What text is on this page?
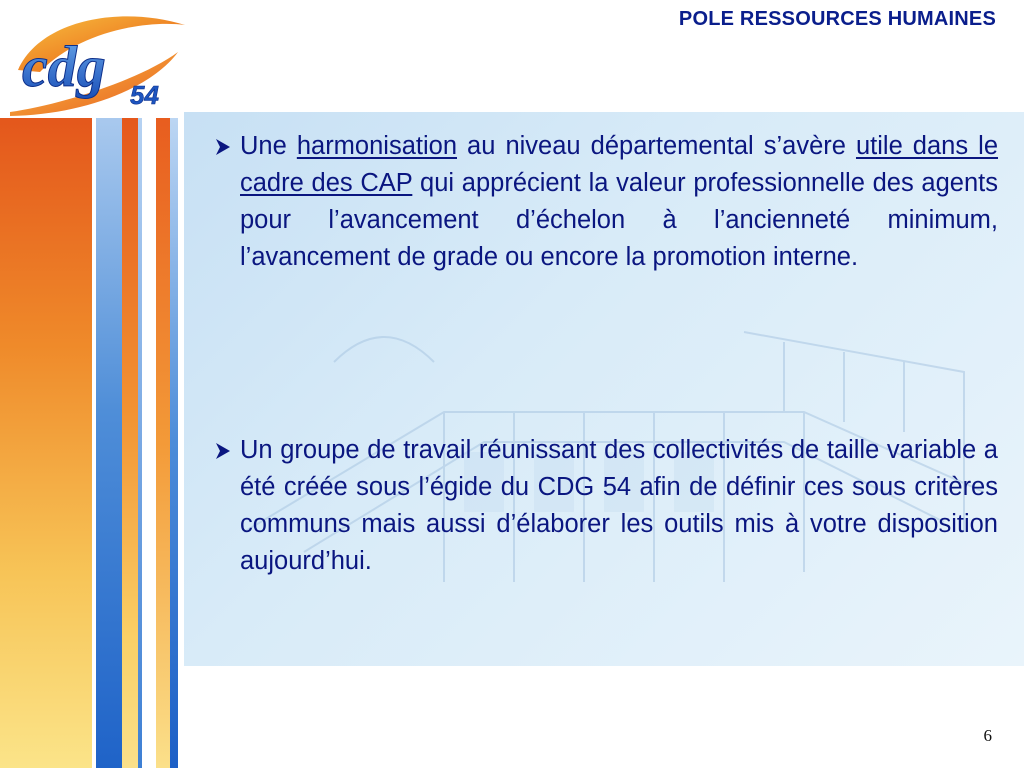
POLE RESSOURCES HUMAINES
cdg 54
Une harmonisation au niveau départemental s’avère utile dans le cadre des CAP qui apprécient la valeur professionnelle des agents pour l’avancement d’échelon à l’ancienneté minimum, l’avancement de grade ou encore la promotion interne.
Un groupe de travail réunissant des collectivités de taille variable a été créée sous l’égide du CDG 54 afin de définir ces sous critères communs mais aussi d’élaborer les outils mis à votre disposition aujourd’hui.
6
